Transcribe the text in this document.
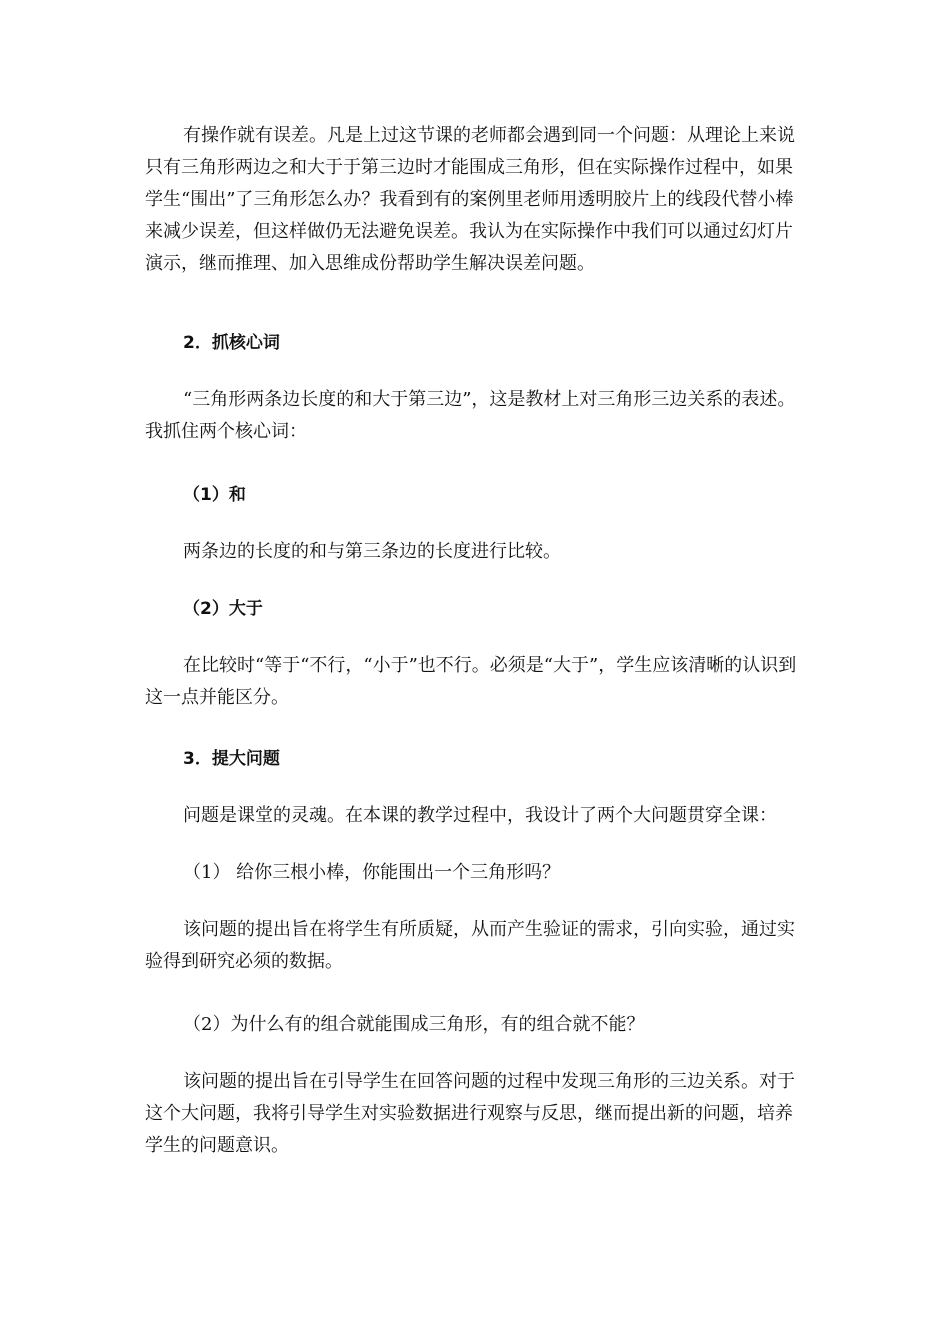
有操作就有误差。凡是上过这节课的老师都会遇到同一个问题：从理论上来说只有三角形两边之和大于于第三边时才能围成三角形，但在实际操作过程中，如果学生“围出”了三角形怎么办？我看到有的案例里老师用透明胶片上的线段代替小棒来减少误差，但这样做仍无法避免误差。我认为在实际操作中我们可以通过幻灯片演示，继而推理、加入思维成份帮助学生解决误差问题。

2．抓核心词

“三角形两条边长度的和大于第三边”，这是教材上对三角形三边关系的表述。我抓住两个核心词：

（1）和

两条边的长度的和与第三条边的长度进行比较。

（2）大于

在比较时“等于“不行，“小于”也不行。必须是“大于”，学生应该清晰的认识到这一点并能区分。

3．提大问题

问题是课堂的灵魂。在本课的教学过程中，我设计了两个大问题贯穿全课：

（1） 给你三根小棒，你能围出一个三角形吗？

该问题的提出旨在将学生有所质疑，从而产生验证的需求，引向实验，通过实验得到研究必须的数据。

（2）为什么有的组合就能围成三角形，有的组合就不能？

该问题的提出旨在引导学生在回答问题的过程中发现三角形的三边关系。对于这个大问题，我将引导学生对实验数据进行观察与反思，继而提出新的问题，培养学生的问题意识。
